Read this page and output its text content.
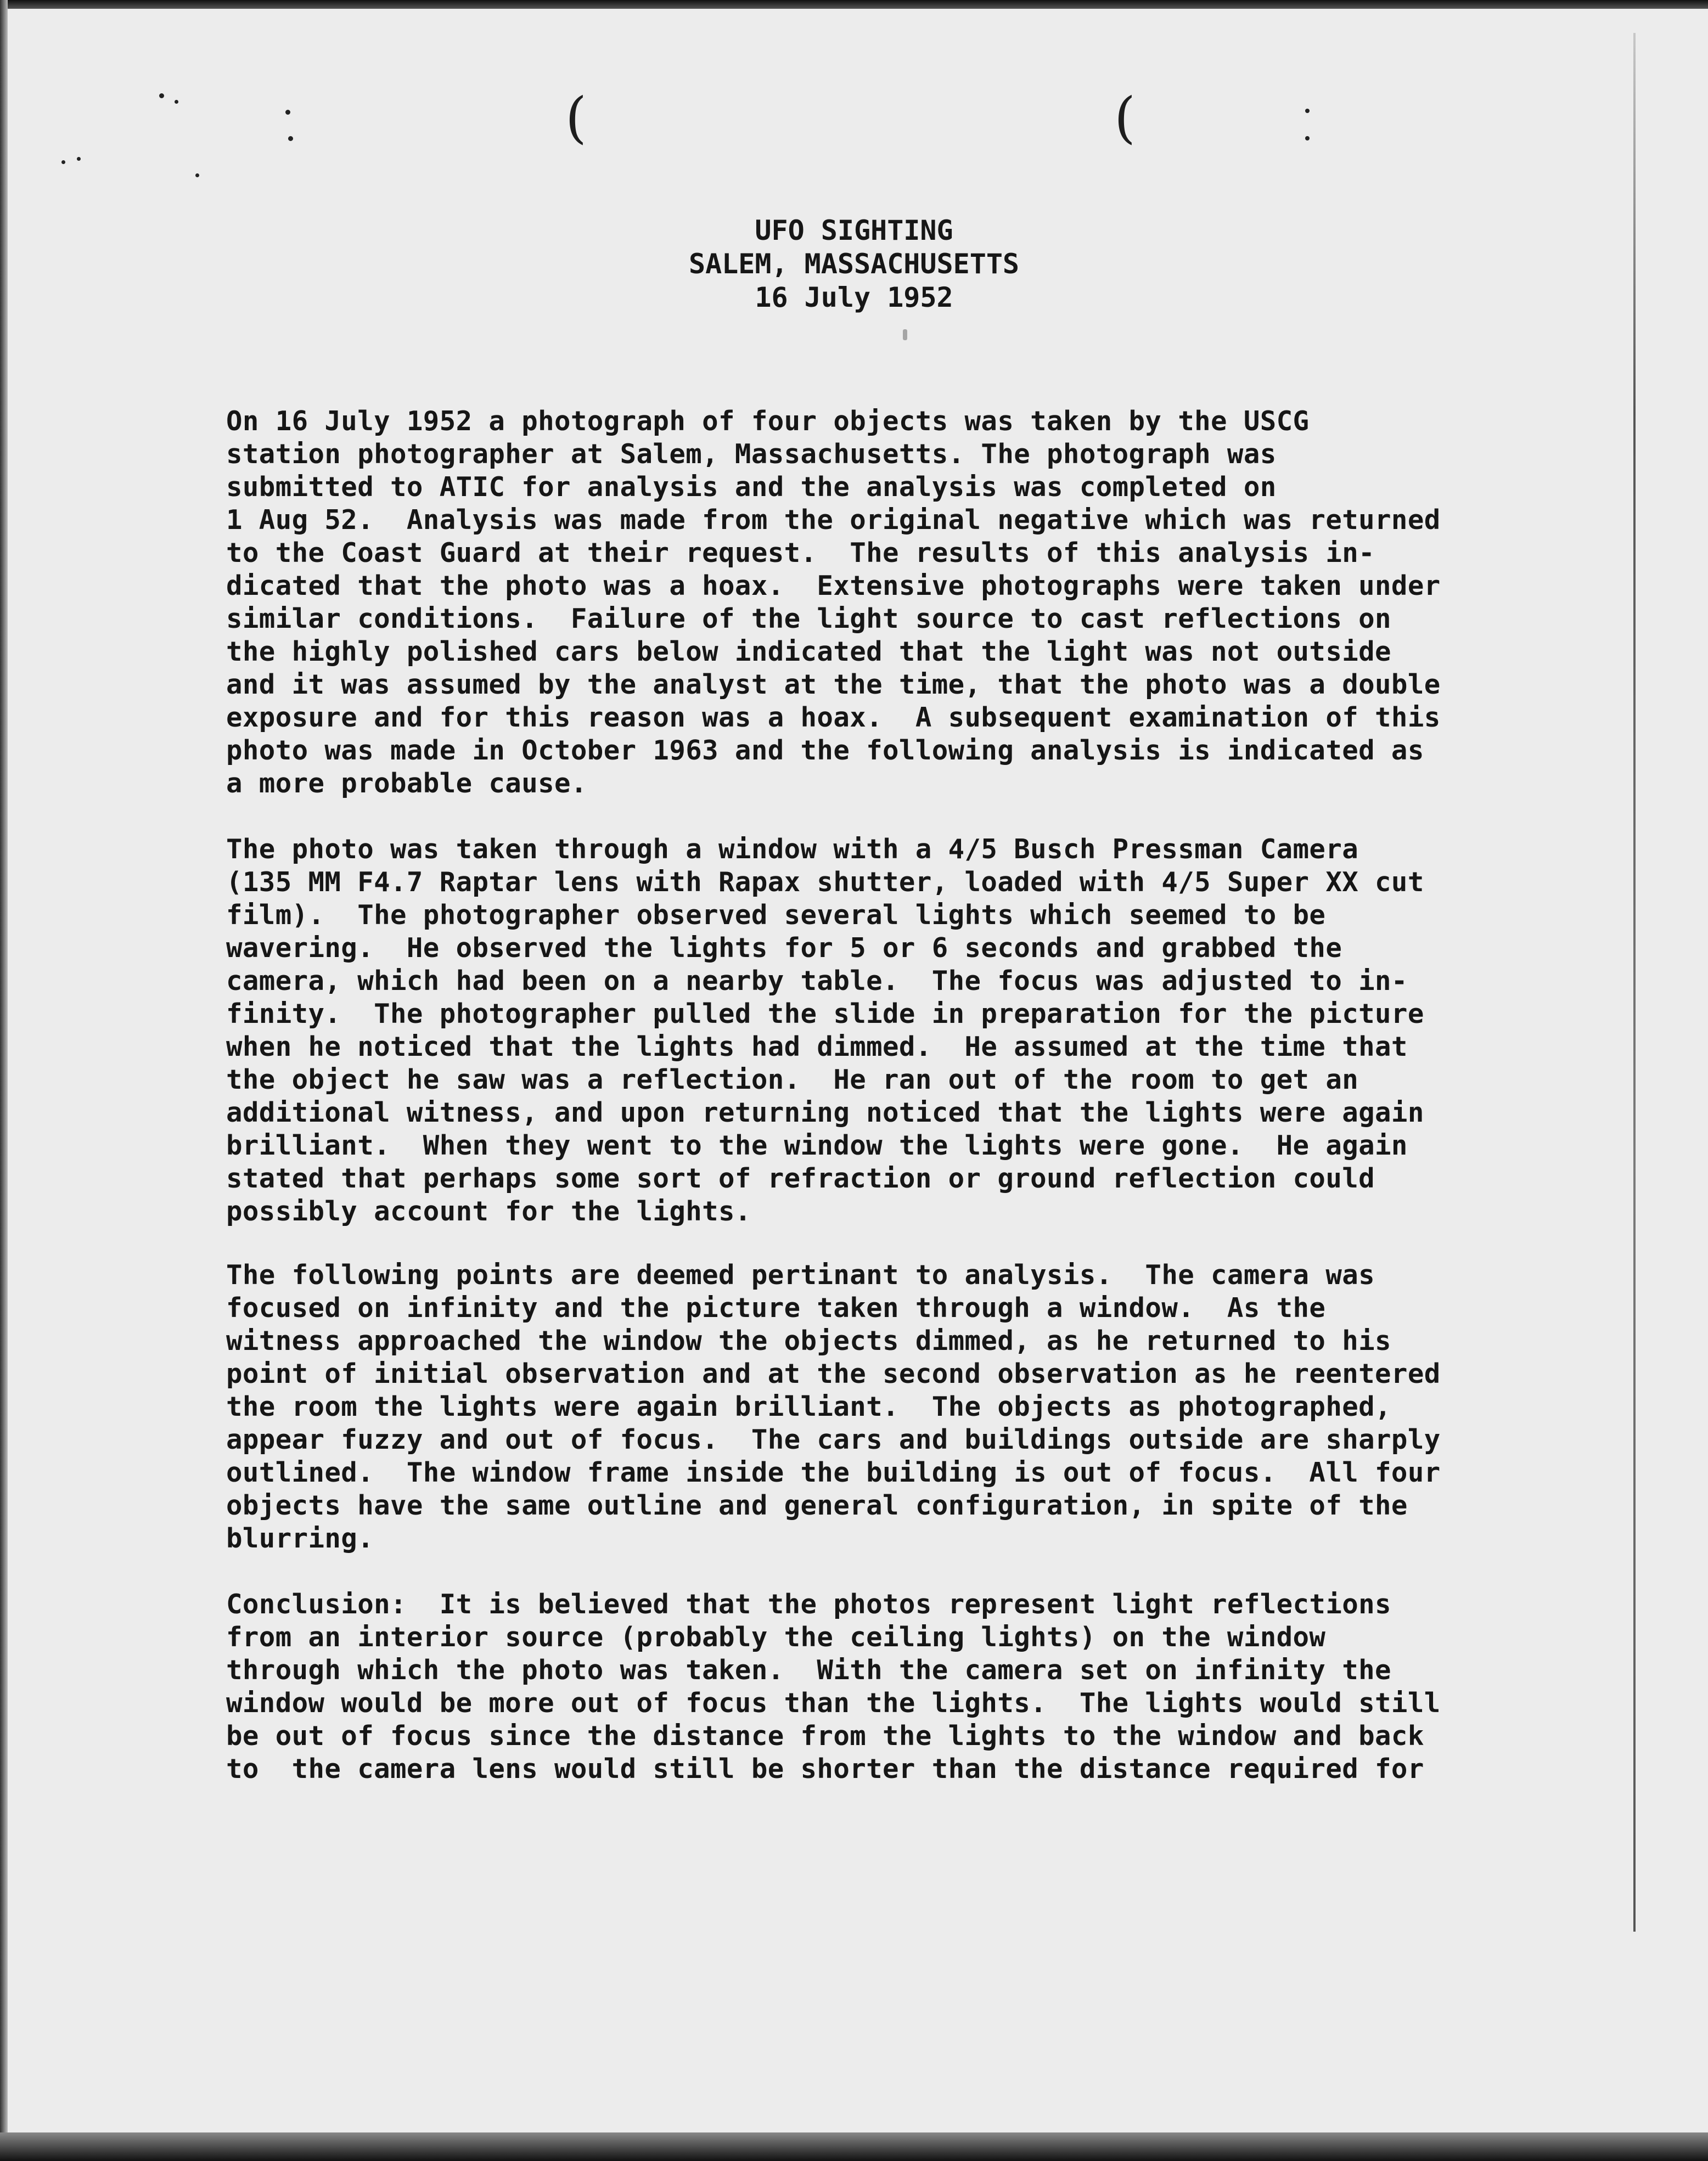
(	(
UFO SIGHTING
SALEM, MASSACHUSETTS
16 July 1952
On 16 July 1952 a photograph of four objects was taken by the USCG
station photographer at Salem, Massachusetts. The photograph was
submitted to ATIC for analysis and the analysis was completed on
1 Aug 52.  Analysis was made from the original negative which was returned
to the Coast Guard at their request.  The results of this analysis in-
dicated that the photo was a hoax.  Extensive photographs were taken under
similar conditions.  Failure of the light source to cast reflections on
the highly polished cars below indicated that the light was not outside
and it was assumed by the analyst at the time, that the photo was a double
exposure and for this reason was a hoax.  A subsequent examination of this
photo was made in October 1963 and the following analysis is indicated as
a more probable cause.
The photo was taken through a window with a 4/5 Busch Pressman Camera
(135 MM F4.7 Raptar lens with Rapax shutter, loaded with 4/5 Super XX cut
film).  The photographer observed several lights which seemed to be
wavering.  He observed the lights for 5 or 6 seconds and grabbed the
camera, which had been on a nearby table.  The focus was adjusted to in-
finity.  The photographer pulled the slide in preparation for the picture
when he noticed that the lights had dimmed.  He assumed at the time that
the object he saw was a reflection.  He ran out of the room to get an
additional witness, and upon returning noticed that the lights were again
brilliant.  When they went to the window the lights were gone.  He again
stated that perhaps some sort of refraction or ground reflection could
possibly account for the lights.
The following points are deemed pertinant to analysis.  The camera was
focused on infinity and the picture taken through a window.  As the
witness approached the window the objects dimmed, as he returned to his
point of initial observation and at the second observation as he reentered
the room the lights were again brilliant.  The objects as photographed,
appear fuzzy and out of focus.  The cars and buildings outside are sharply
outlined.  The window frame inside the building is out of focus.  All four
objects have the same outline and general configuration, in spite of the
blurring.
Conclusion:  It is believed that the photos represent light reflections
from an interior source (probably the ceiling lights) on the window
through which the photo was taken.  With the camera set on infinity the
window would be more out of focus than the lights.  The lights would still
be out of focus since the distance from the lights to the window and back
to  the camera lens would still be shorter than the distance required for
